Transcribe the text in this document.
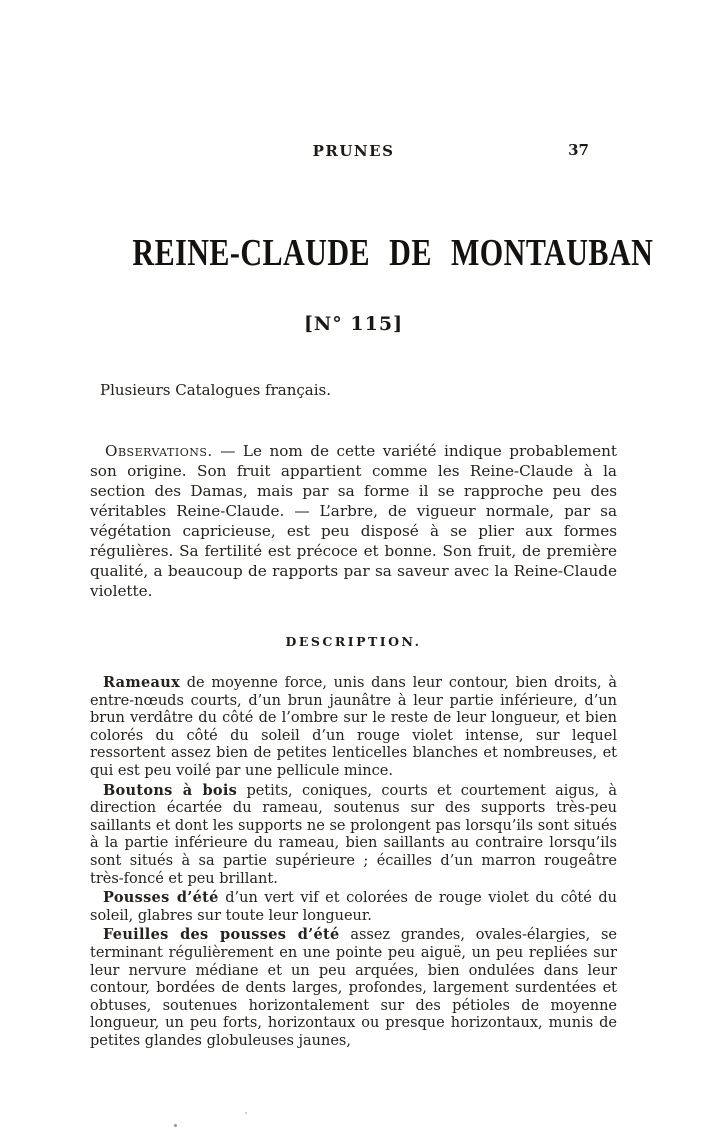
PRUNES	37
REINE-CLAUDE DE MONTAUBAN
[N° 115]
Plusieurs Catalogues français.

Observations. — Le nom de cette variété indique probablement son origine. Son fruit appartient comme les Reine-Claude à la section des Damas, mais par sa forme il se rapproche peu des véritables Reine-Claude. — L’arbre, de vigueur normale, par sa végétation capricieuse, est peu disposé à se plier aux formes régulières. Sa fertilité est précoce et bonne. Son fruit, de première qualité, a beaucoup de rapports par sa saveur avec la Reine-Claude violette.

DESCRIPTION.

Rameaux de moyenne force, unis dans leur contour, bien droits, à entre-nœuds courts, d’un brun jaunâtre à leur partie inférieure, d’un brun verdâtre du côté de l’ombre sur le reste de leur longueur, et bien colorés du côté du soleil d’un rouge violet intense, sur lequel ressortent assez bien de petites lenticelles blanches et nombreuses, et qui est peu voilé par une pellicule mince.

Boutons à bois petits, coniques, courts et courtement aigus, à direction écartée du rameau, soutenus sur des supports très-peu saillants et dont les supports ne se prolongent pas lorsqu’ils sont situés à la partie inférieure du rameau, bien saillants au contraire lorsqu’ils sont situés à sa partie supérieure ; écailles d’un marron rougeâtre très-foncé et peu brillant.

Pousses d’été d’un vert vif et colorées de rouge violet du côté du soleil, glabres sur toute leur longueur.

Feuilles des pousses d’été assez grandes, ovales-élargies, se terminant régulièrement en une pointe peu aiguë, un peu repliées sur leur nervure médiane et un peu arquées, bien ondulées dans leur contour, bordées de dents larges, profondes, largement surdentées et obtuses, soutenues horizontalement sur des pétioles de moyenne longueur, un peu forts, horizontaux ou presque horizontaux, munis de petites glandes globuleuses jaunes,
